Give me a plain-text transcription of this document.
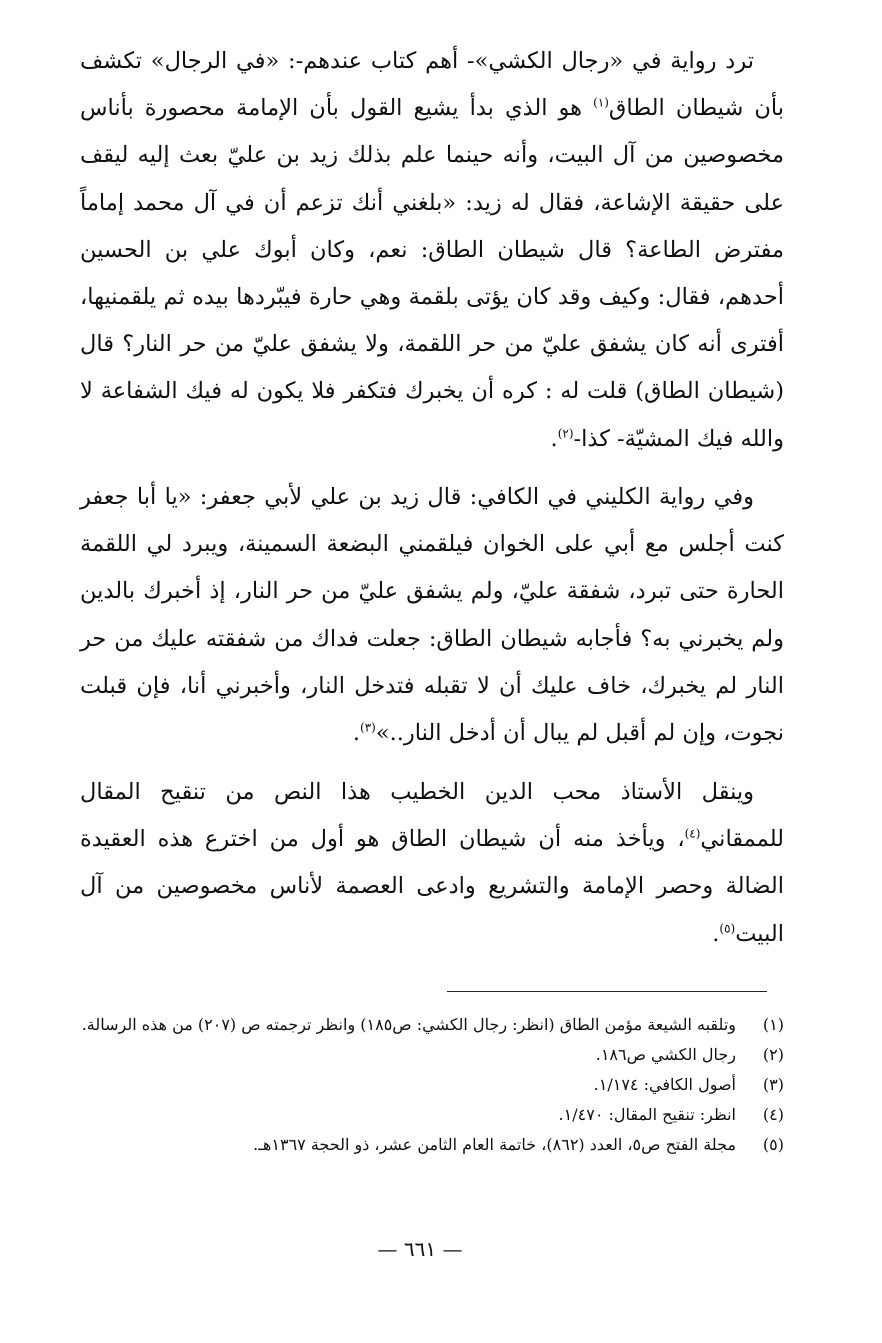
ترد رواية في «رجال الكشي»- أهم كتاب عندهم-: «في الرجال» تكشف بأن شيطان الطاق$^{(١)}$ هو الذي بدأ يشيع القول بأن الإمامة محصورة بأناس مخصوصين من آل البيت، وأنه حينما علم بذلك زيد بن عليّ بعث إليه ليقف على حقيقة الإشاعة، فقال له زيد: «بلغني أنك تزعم أن في آل محمد إماماً مفترض الطاعة؟ قال شيطان الطاق: نعم، وكان أبوك علي بن الحسين أحدهم، فقال: وكيف وقد كان يؤتى بلقمة وهي حارة فيبّردها بيده ثم يلقمنيها، أفترى أنه كان يشفق عليّ من حر اللقمة، ولا يشفق عليّ من حر النار؟ قال (شيطان الطاق) قلت له : كره أن يخبرك فتكفر فلا يكون له فيك الشفاعة لا والله فيك المشيّة- كذا-$^{(٢)}$.

وفي رواية الكليني في الكافي: قال زيد بن علي لأبي جعفر: «يا أبا جعفر كنت أجلس مع أبي على الخوان فيلقمني البضعة السمينة، ويبرد لي اللقمة الحارة حتى تبرد، شفقة عليّ، ولم يشفق عليّ من حر النار، إذ أخبرك بالدين ولم يخبرني به؟ فأجابه شيطان الطاق: جعلت فداك من شفقته عليك من حر النار لم يخبرك، خاف عليك أن لا تقبله فتدخل النار، وأخبرني أنا، فإن قبلت نجوت، وإن لم أقبل لم يبال أن أدخل النار..»$^{(٣)}$.

وينقل الأستاذ محب الدين الخطيب هذا النص من تنقيح المقال للممقاني$^{(٤)}$، ويأخذ منه أن شيطان الطاق هو أول من اخترع هذه العقيدة الضالة وحصر الإمامة والتشريع وادعى العصمة لأناس مخصوصين من آل البيت$^{(٥)}$.

(١)
وتلقبه الشيعة مؤمن الطاق (انظر: رجال الكشي: ص١٨٥) وانظر ترجمته ص (٢٠٧) من هذه الرسالة.
(٢)
رجال الكشي ص١٨٦.
(٣)
أصول الكافي: ١/١٧٤.
(٤)
انظر: تنقيح المقال: ١/٤٧٠.
(٥)
مجلة الفتح ص٥، العدد (٨٦٢)، خاتمة العام الثامن عشر، ذو الحجة ١٣٦٧هـ.
— ٦٦١ —
